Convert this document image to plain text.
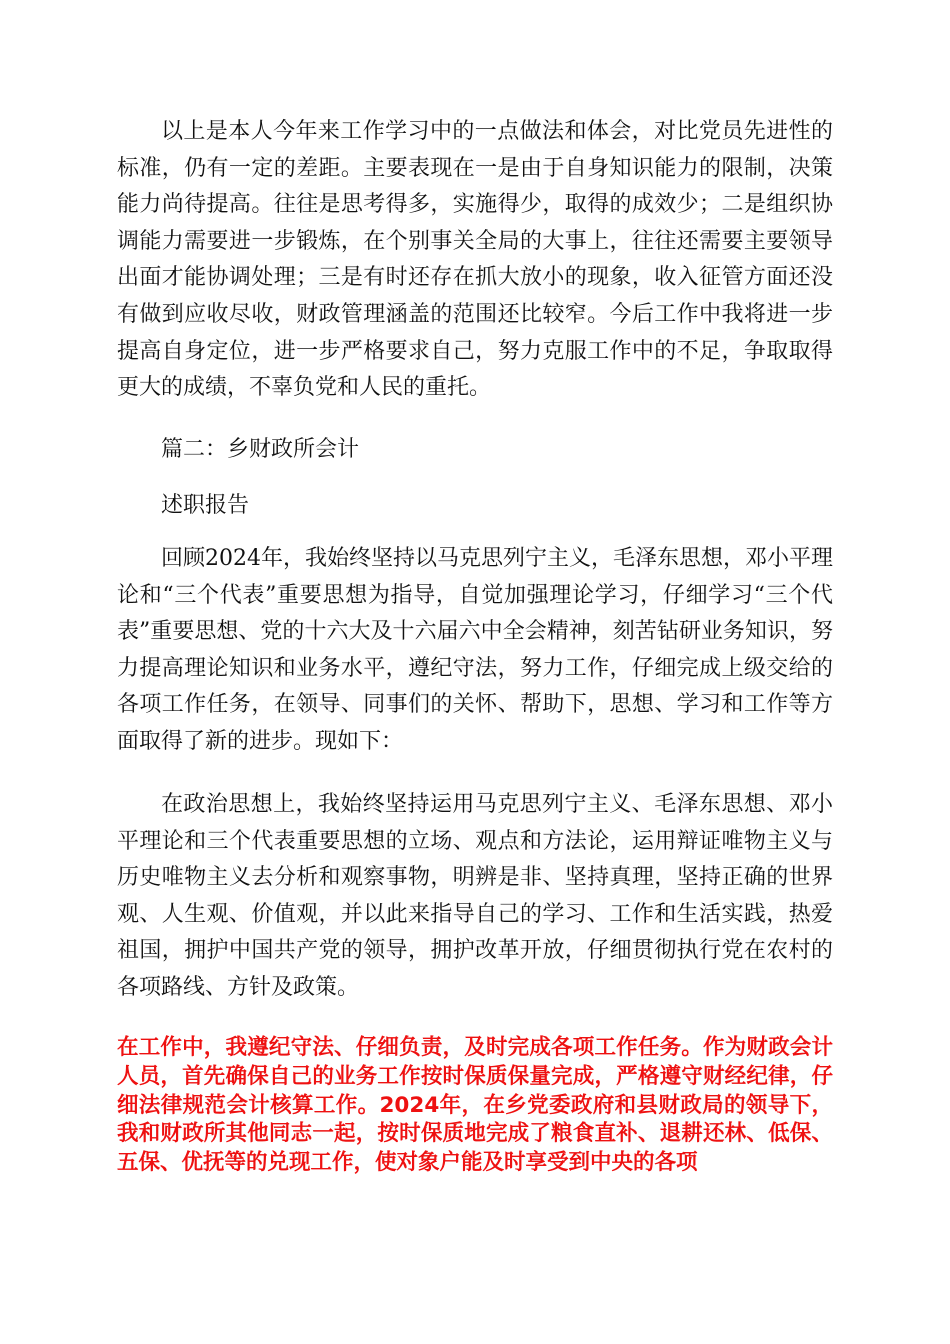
以上是本人今年来工作学习中的一点做法和体会，对比党员先进性的标准，仍有一定的差距。主要表现在一是由于自身知识能力的限制，决策能力尚待提高。往往是思考得多，实施得少，取得的成效少；二是组织协调能力需要进一步锻炼，在个别事关全局的大事上，往往还需要主要领导出面才能协调处理；三是有时还存在抓大放小的现象，收入征管方面还没有做到应收尽收，财政管理涵盖的范围还比较窄。今后工作中我将进一步提高自身定位，进一步严格要求自己，努力克服工作中的不足，争取取得更大的成绩，不辜负党和人民的重托。

篇二：乡财政所会计

述职报告

回顾2024年，我始终坚持以马克思列宁主义，毛泽东思想，邓小平理论和“三个代表”重要思想为指导，自觉加强理论学习，仔细学习“三个代表”重要思想、党的十六大及十六届六中全会精神，刻苦钻研业务知识，努力提高理论知识和业务水平，遵纪守法，努力工作，仔细完成上级交给的各项工作任务，在领导、同事们的关怀、帮助下，思想、学习和工作等方面取得了新的进步。现如下：

在政治思想上，我始终坚持运用马克思列宁主义、毛泽东思想、邓小平理论和三个代表重要思想的立场、观点和方法论，运用辩证唯物主义与历史唯物主义去分析和观察事物，明辨是非、坚持真理，坚持正确的世界观、人生观、价值观，并以此来指导自己的学习、工作和生活实践，热爱祖国，拥护中国共产党的领导，拥护改革开放，仔细贯彻执行党在农村的各项路线、方针及政策。

在工作中，我遵纪守法、仔细负责，及时完成各项工作任务。作为财政会计人员，首先确保自己的业务工作按时保质保量完成，严格遵守财经纪律，仔细法律规范会计核算工作。2024年，在乡党委政府和县财政局的领导下，我和财政所其他同志一起，按时保质地完成了粮食直补、退耕还林、低保、五保、优抚等的兑现工作，使对象户能及时享受到中央的各项
